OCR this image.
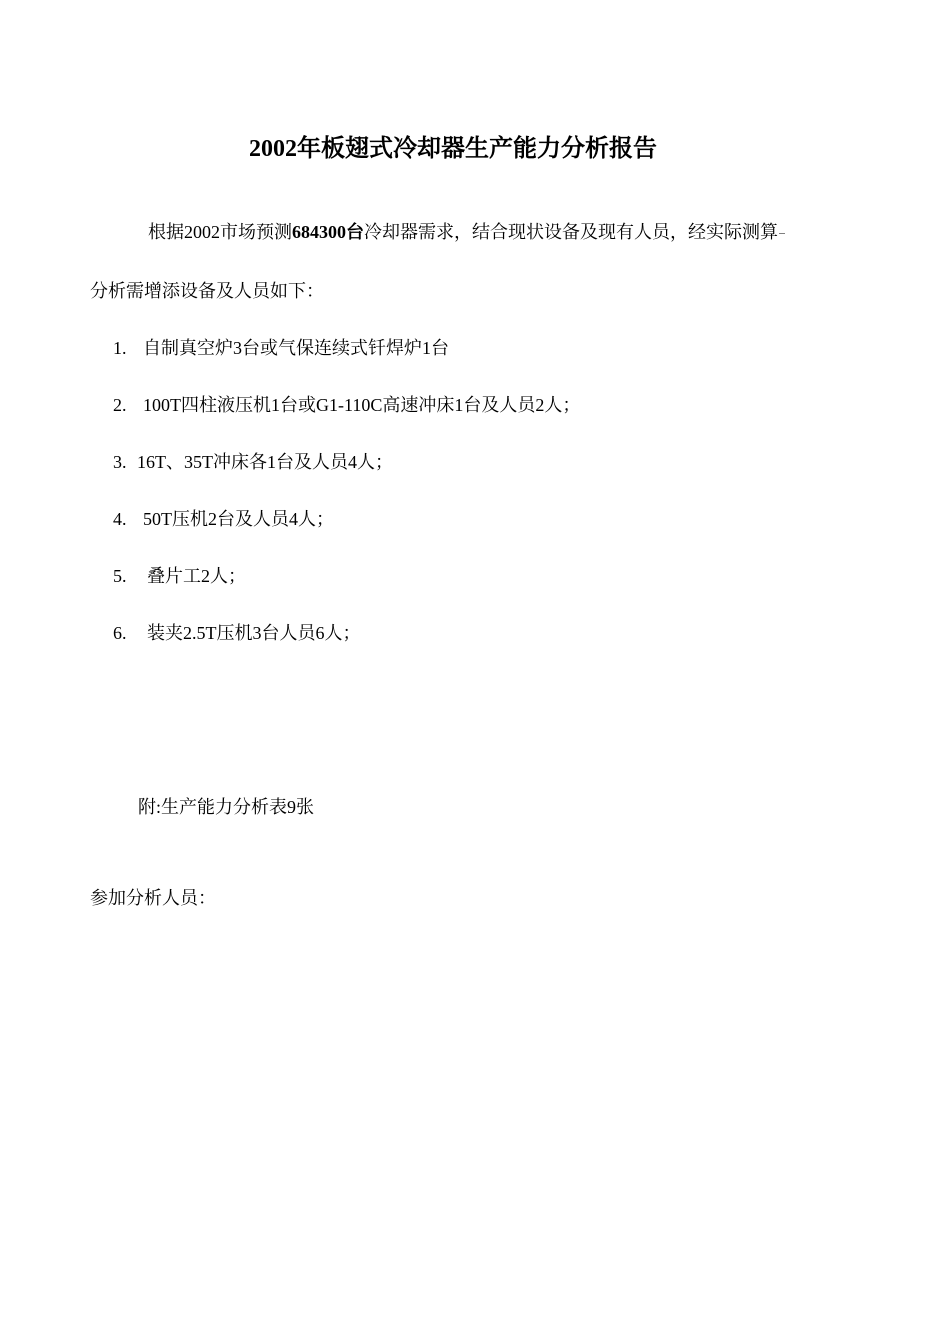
2002年板翅式冷却器生产能力分析报告
根据2002市场预测684300台冷却器需求，结合现状设备及现有人员，经实际测算
分析需增添设备及人员如下：
1. 自制真空炉3台或气保连续式钎焊炉1台
2. 100T四柱液压机1台或G1-110C高速冲床1台及人员2人；
3. 16T、35T冲床各1台及人员4人；
4. 50T压机2台及人员4人；
5. 叠片工2人；
6. 装夹2.5T压机3台人员6人；
附:生产能力分析表9张
参加分析人员：
